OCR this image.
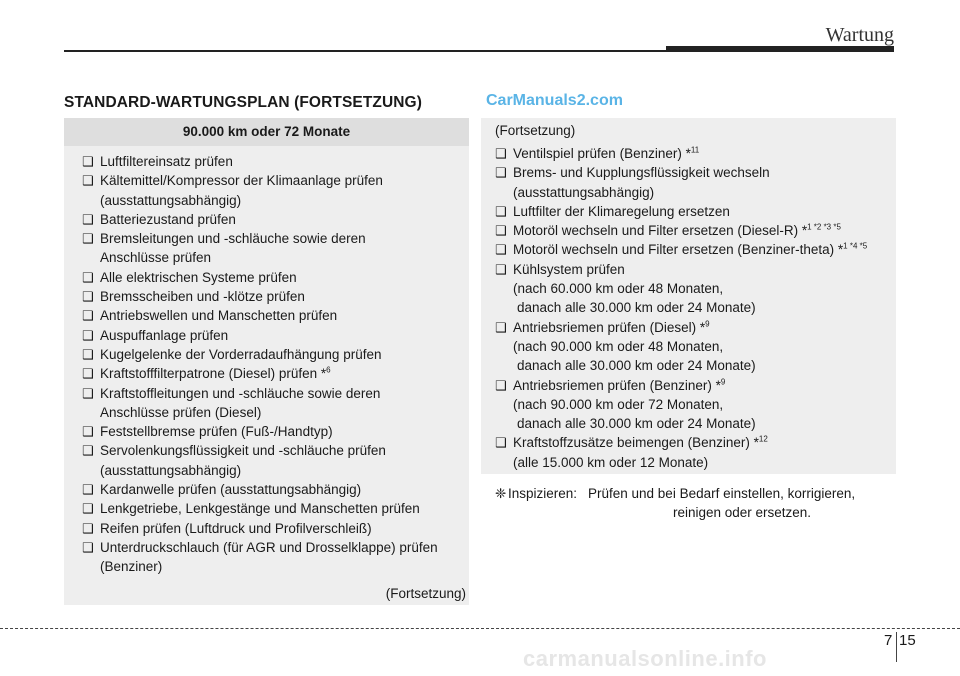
Wartung
STANDARD-WARTUNGSPLAN (FORTSETZUNG)	CarManuals2.com
90.000 km oder 72 Monate
❑ Luftfiltereinsatz prüfen
❑ Kältemittel/Kompressor der Klimaanlage prüfen
(ausstattungsabhängig)
❑ Batteriezustand prüfen
❑ Bremsleitungen und -schläuche sowie deren
Anschlüsse prüfen
❑ Alle elektrischen Systeme prüfen
❑ Bremsscheiben und -klötze prüfen
❑ Antriebswellen und Manschetten prüfen
❑ Auspuffanlage prüfen
❑ Kugelgelenke der Vorderradaufhängung prüfen
❑ Kraftstofffilterpatrone (Diesel) prüfen *$^6$
❑ Kraftstoffleitungen und -schläuche sowie deren
Anschlüsse prüfen (Diesel)
❑ Feststellbremse prüfen (Fuß-/Handtyp)
❑ Servolenkungsflüssigkeit und -schläuche prüfen
(ausstattungsabhängig)
❑ Kardanwelle prüfen (ausstattungsabhängig)
❑ Lenkgetriebe, Lenkgestänge und Manschetten prüfen
❑ Reifen prüfen (Luftdruck und Profilverschleiß)
❑ Unterdruckschlauch (für AGR und Drosselklappe) prüfen
(Benziner)
(Fortsetzung)
(Fortsetzung)
❑ Ventilspiel prüfen (Benziner) *$^{11}$
❑ Brems- und Kupplungsflüssigkeit wechseln
(ausstattungsabhängig)
❑ Luftfilter der Klimaregelung ersetzen
❑ Motoröl wechseln und Filter ersetzen (Diesel-R) *$^{1 *2 *3 *5}$
❑ Motoröl wechseln und Filter ersetzen (Benziner-theta) *$^{1 *4 *5}$
❑ Kühlsystem prüfen
(nach 60.000 km oder 48 Monaten,
danach alle 30.000 km oder 24 Monate)
❑ Antriebsriemen prüfen (Diesel) *$^9$
(nach 90.000 km oder 48 Monaten,
danach alle 30.000 km oder 24 Monate)
❑ Antriebsriemen prüfen (Benziner) *$^9$
(nach 90.000 km oder 72 Monaten,
danach alle 30.000 km oder 24 Monate)
❑ Kraftstoffzusätze beimengen (Benziner) *$^{12}$
(alle 15.000 km oder 12 Monate)
❈ Inspizieren: Prüfen und bei Bedarf einstellen, korrigieren,
reinigen oder ersetzen.
7 15
carmanualsonline.info
